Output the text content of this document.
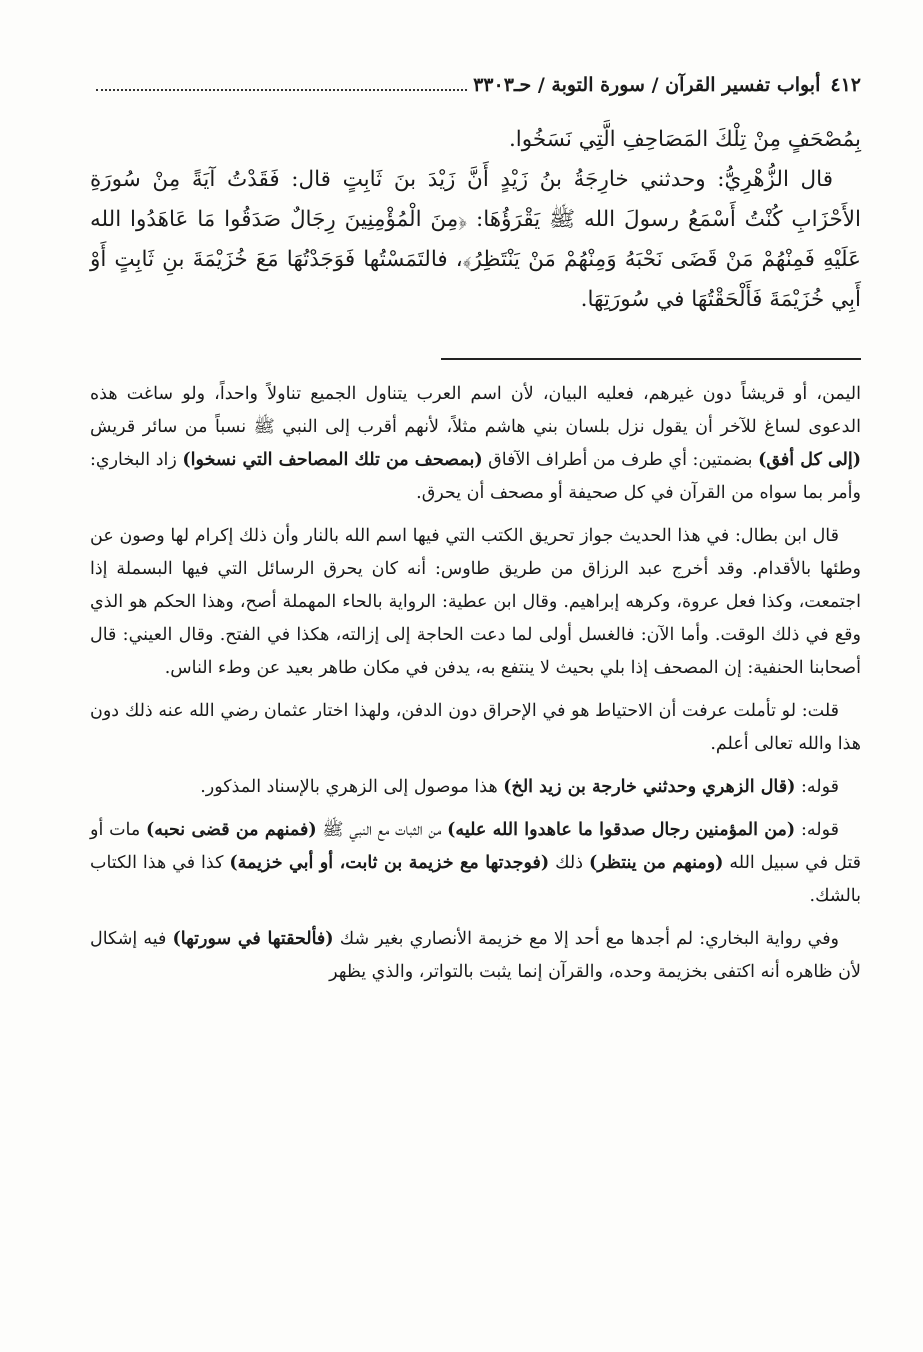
٤١٢
أبواب تفسير القرآن / سورة التوبة / حـ٣٣٠٣

بِمُصْحَفٍ مِنْ تِلْكَ المَصَاحِفِ الَّتِي نَسَخُوا.

قال الزُّهْرِيُّ: وحدثني خارِجَةُ بنُ زَيْدٍ أَنَّ زَيْدَ بنَ ثَابِتٍ قال: فَقَدْتُ آيَةً مِنْ سُورَةِ الأَحْزَابِ كُنْتُ أَسْمَعُ رسولَ الله ﷺ يَقْرَؤُهَا: ﴿مِنَ الْمُؤْمِنِينَ رِجَالٌ صَدَقُوا مَا عَاهَدُوا الله عَلَيْهِ فَمِنْهُمْ مَنْ قَضَى نَحْبَهُ وَمِنْهُمْ مَنْ يَنْتَظِرُ﴾، فالتَمَسْتُها فَوَجَدْتُهَا مَعَ خُزَيْمَةَ بنِ ثَابِتٍ أَوْ أَبِي خُزَيْمَةَ فَأَلْحَقْتُهَا في سُورَتِهَا.

اليمن، أو قريشاً دون غيرهم، فعليه البيان، لأن اسم العرب يتناول الجميع تناولاً واحداً، ولو ساغت هذه الدعوى لساغ للآخر أن يقول نزل بلسان بني هاشم مثلاً، لأنهم أقرب إلى النبي ﷺ نسباً من سائر قريش (إلى كل أفق) بضمتين: أي طرف من أطراف الآفاق (بمصحف من تلك المصاحف التي نسخوا) زاد البخاري: وأمر بما سواه من القرآن في كل صحيفة أو مصحف أن يحرق.

قال ابن بطال: في هذا الحديث جواز تحريق الكتب التي فيها اسم الله بالنار وأن ذلك إكرام لها وصون عن وطئها بالأقدام. وقد أخرج عبد الرزاق من طريق طاوس: أنه كان يحرق الرسائل التي فيها البسملة إذا اجتمعت، وكذا فعل عروة، وكرهه إبراهيم. وقال ابن عطية: الرواية بالحاء المهملة أصح، وهذا الحكم هو الذي وقع في ذلك الوقت. وأما الآن: فالغسل أولى لما دعت الحاجة إلى إزالته، هكذا في الفتح. وقال العيني: قال أصحابنا الحنفية: إن المصحف إذا بلي بحيث لا ينتفع به، يدفن في مكان طاهر بعيد عن وطء الناس.

قلت: لو تأملت عرفت أن الاحتياط هو في الإحراق دون الدفن، ولهذا اختار عثمان رضي الله عنه ذلك دون هذا والله تعالى أعلم.

قوله: (قال الزهري وحدثني خارجة بن زيد الخ) هذا موصول إلى الزهري بالإسناد المذكور.

قوله: (من المؤمنين رجال صدقوا ما عاهدوا الله عليه) من الثبات مع النبي ﷺ (فمنهم من قضى نحبه) مات أو قتل في سبيل الله (ومنهم من ينتظر) ذلك (فوجدتها مع خزيمة بن ثابت، أو أبي خزيمة) كذا في هذا الكتاب بالشك.

وفي رواية البخاري: لم أجدها مع أحد إلا مع خزيمة الأنصاري بغير شك (فألحقتها في سورتها) فيه إشكال لأن ظاهره أنه اكتفى بخزيمة وحده، والقرآن إنما يثبت بالتواتر، والذي يظهر
